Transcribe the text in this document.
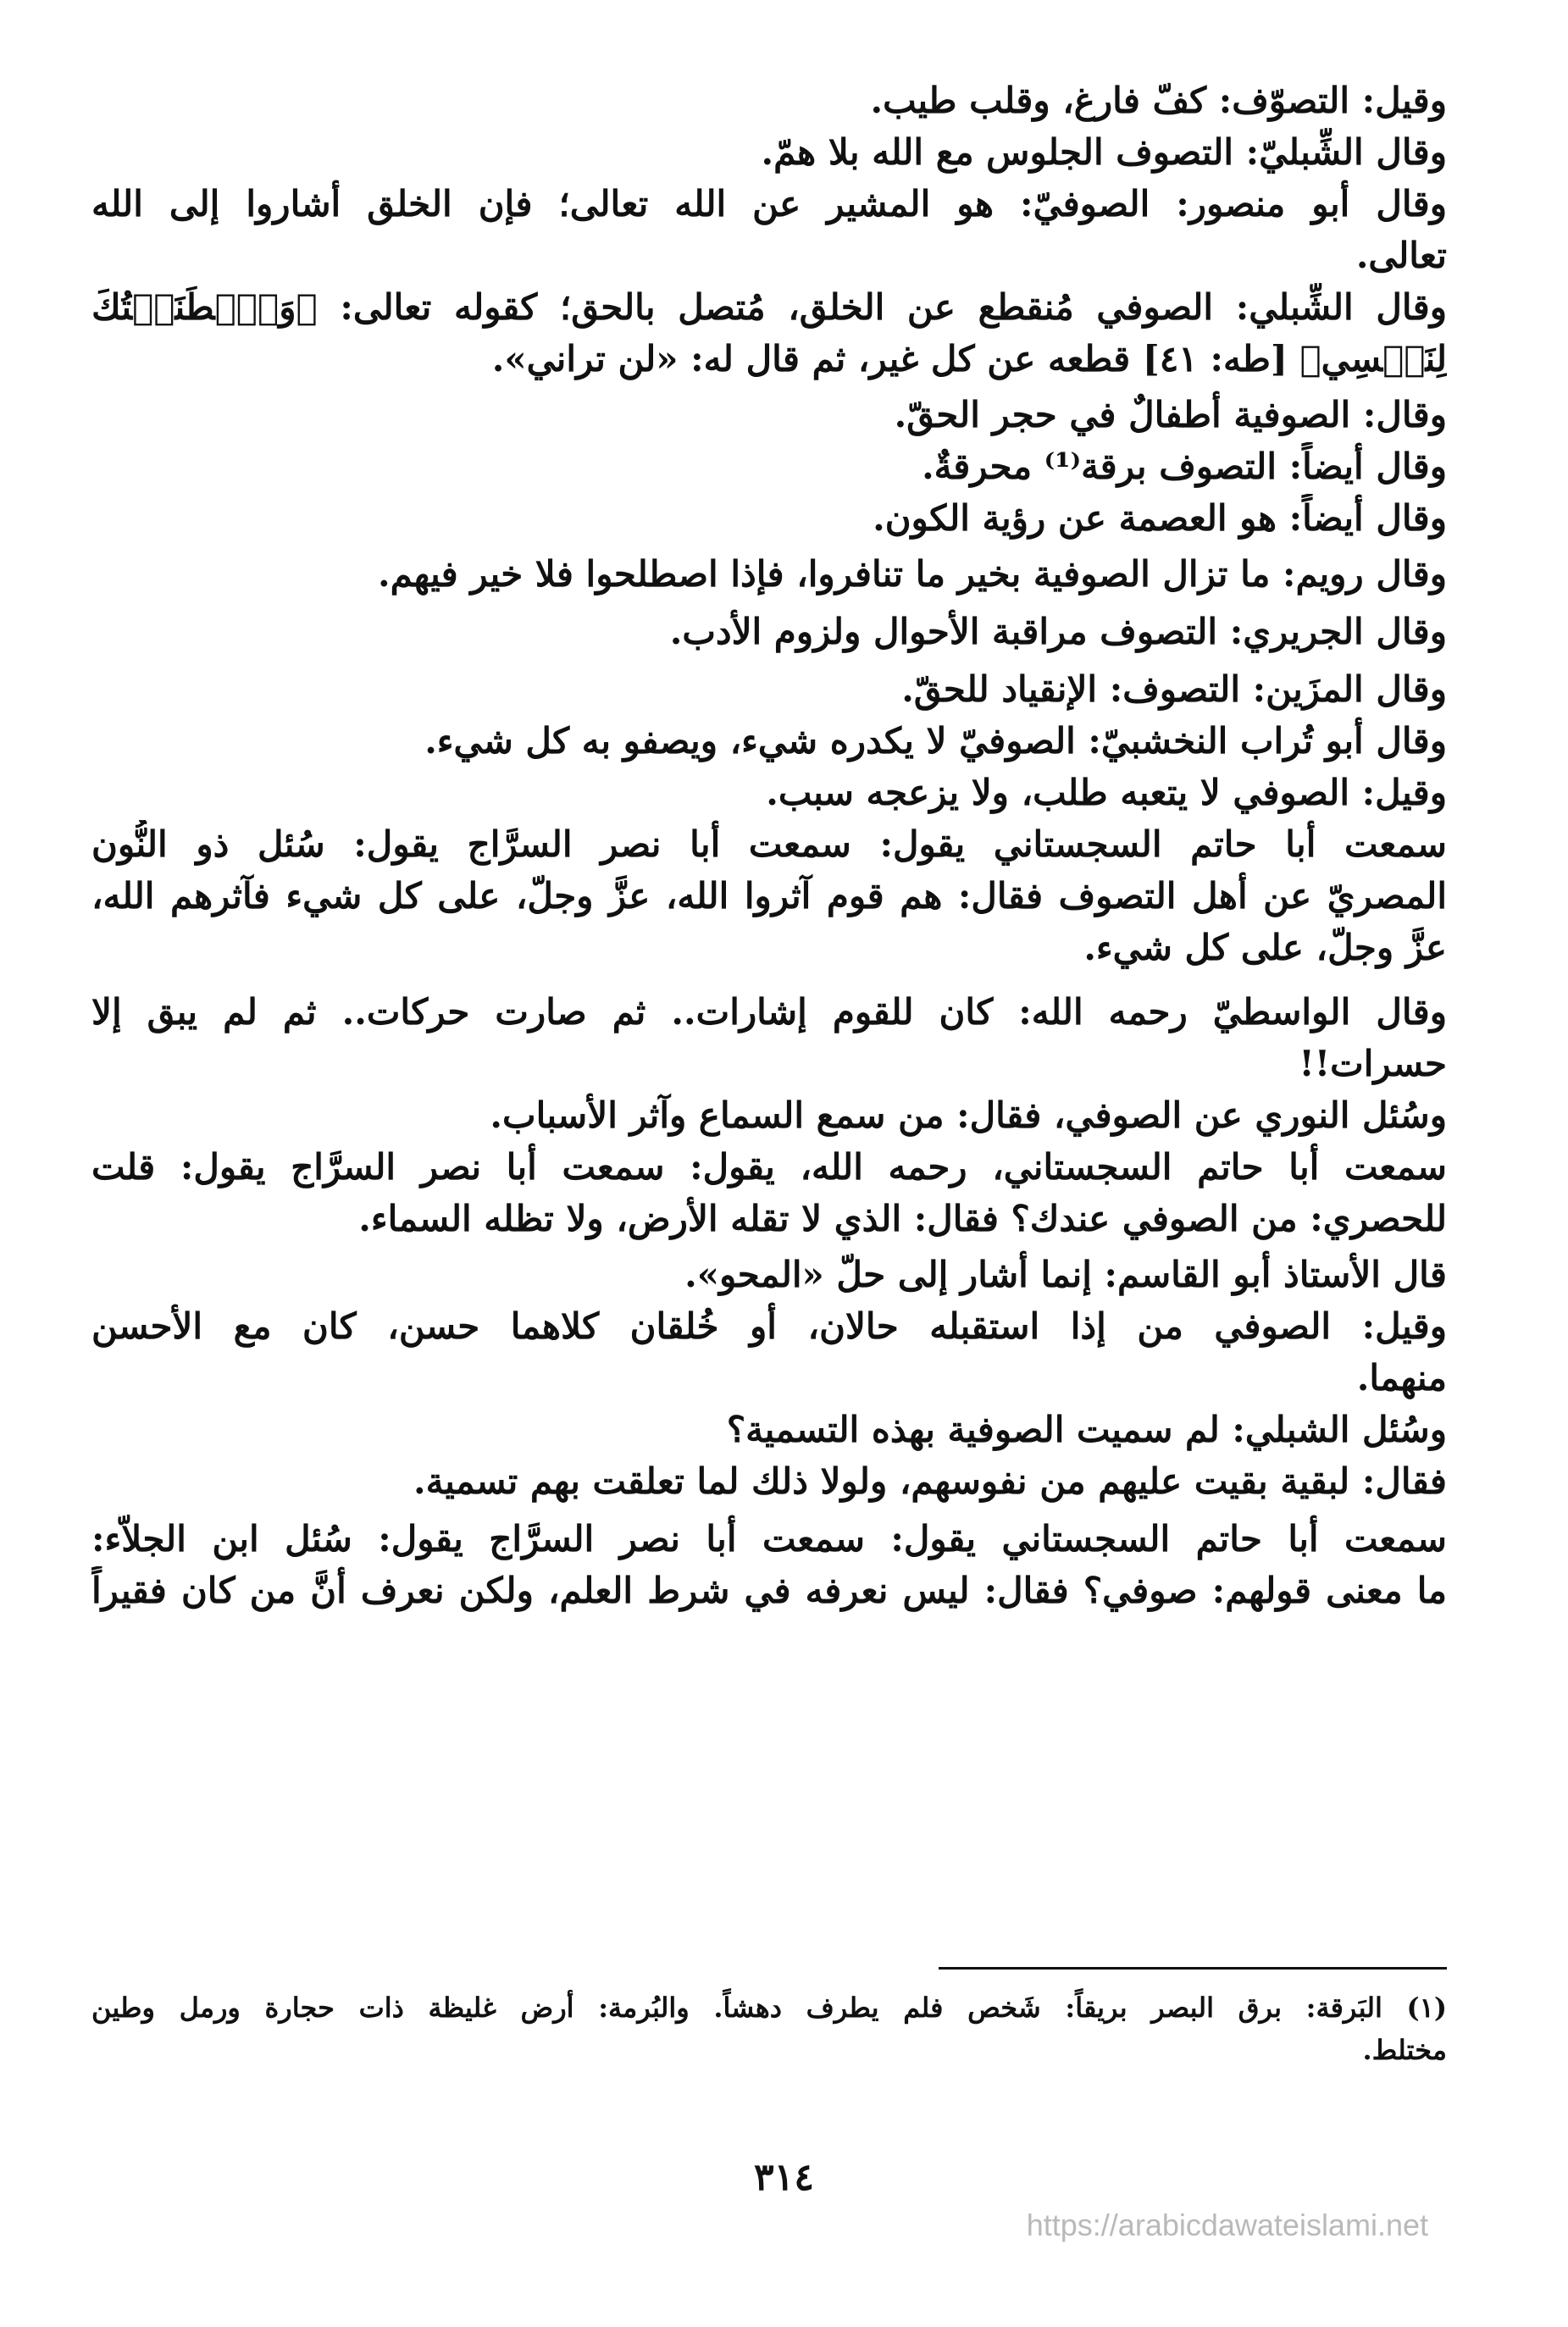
وقيل: التصوّف: كفّ فارغ، وقلب طيب.
وقال الشِّبليّ: التصوف الجلوس مع الله بلا همّ.
وقال أبو منصور: الصوفيّ: هو المشير عن الله تعالى؛ فإن الخلق أشاروا إلى الله
تعالى.
وقال الشِّبلي: الصوفي مُنقطع عن الخلق، مُتصل بالحق؛ كقوله تعالى: ﴿وَٱصۡطَنَعۡتُكَ
لِنَفۡسِي﴾ [طه: ٤١] قطعه عن كل غير، ثم قال له: «لن تراني».
وقال: الصوفية أطفالٌ في حجر الحقّ.
وقال أيضاً: التصوف برقة⁽¹⁾ محرقةٌ.
وقال أيضاً: هو العصمة عن رؤية الكون.
وقال رويم: ما تزال الصوفية بخير ما تنافروا، فإذا اصطلحوا فلا خير فيهم.
وقال الجريري: التصوف مراقبة الأحوال ولزوم الأدب.
وقال المزَين: التصوف: الإنقياد للحقّ.
وقال أبو تُراب النخشبيّ: الصوفيّ لا يكدره شيء، ويصفو به كل شيء.
وقيل: الصوفي لا يتعبه طلب، ولا يزعجه سبب.
سمعت أبا حاتم السجستاني يقول: سمعت أبا نصر السرَّاج يقول: سُئل ذو النُّون
المصريّ عن أهل التصوف فقال: هم قوم آثروا الله، عزَّ وجلّ، على كل شيء فآثرهم الله،
عزَّ وجلّ، على كل شيء.
وقال الواسطيّ رحمه الله: كان للقوم إشارات.. ثم صارت حركات.. ثم لم يبق إلا
حسرات!!
وسُئل النوري عن الصوفي، فقال: من سمع السماع وآثر الأسباب.
سمعت أبا حاتم السجستاني، رحمه الله، يقول: سمعت أبا نصر السرَّاج يقول: قلت
للحصري: من الصوفي عندك؟ فقال: الذي لا تقله الأرض، ولا تظله السماء.
قال الأستاذ أبو القاسم: إنما أشار إلى حلّ «المحو».
وقيل: الصوفي من إذا استقبله حالان، أو خُلقان كلاهما حسن، كان مع الأحسن
منهما.
وسُئل الشبلي: لم سميت الصوفية بهذه التسمية؟
فقال: لبقية بقيت عليهم من نفوسهم، ولولا ذلك لما تعلقت بهم تسمية.
سمعت أبا حاتم السجستاني يقول: سمعت أبا نصر السرَّاج يقول: سُئل ابن الجلاَّء:
ما معنى قولهم: صوفي؟ فقال: ليس نعرفه في شرط العلم، ولكن نعرف أنَّ من كان فقيراً
(١) البَرقة: برق البصر بريقاً: شَخص فلم يطرف دهشاً. والبُرمة: أرض غليظة ذات حجارة ورمل وطين
مختلط.
٣١٤
https://arabicdawateislami.net
